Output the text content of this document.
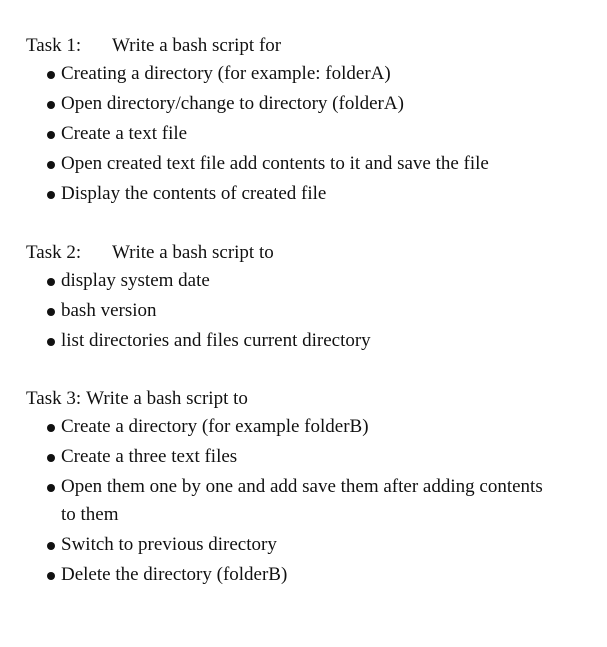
Task 1: Write a bash script for
Creating a directory (for example: folderA)
Open directory/change to directory (folderA)
Create a text file
Open created text file add contents to it and save the file
Display the contents of created file
Task 2: Write a bash script to
display system date
bash version
list directories and files current directory
Task 3: Write a bash script to
Create a directory (for example folderB)
Create a three text files
Open them one by one and add save them after adding contents to them
Switch to previous directory
Delete the directory (folderB)
